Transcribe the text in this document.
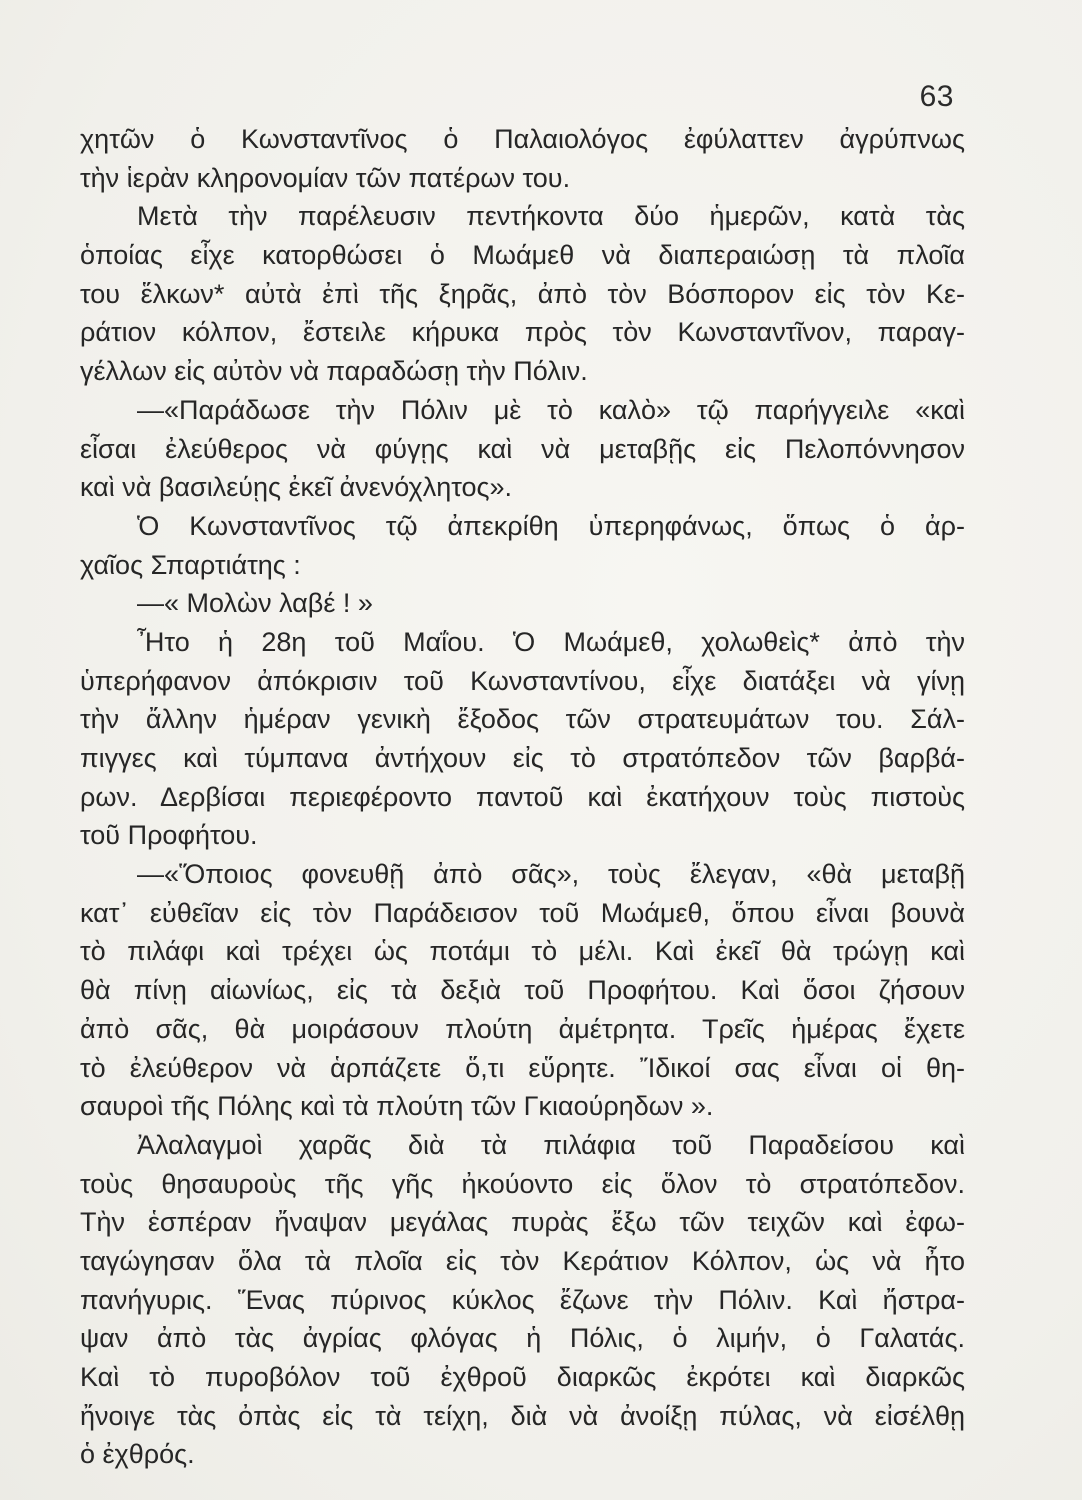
63
χητῶν ὁ Κωνσταντῖνος ὁ Παλαιολόγος ἐφύλαττεν ἀγρύπνως
τὴν ἱερὰν κληρονομίαν τῶν πατέρων του.
Μετὰ τὴν παρέλευσιν πεντήκοντα δύο ἡμερῶν, κατὰ τὰς
ὁποίας εἶχε κατορθώσει ὁ Μωάμεθ νὰ διαπεραιώσῃ τὰ πλοῖα
του ἕλκων* αὐτὰ ἐπὶ τῆς ξηρᾶς, ἀπὸ τὸν Βόσπορον εἰς τὸν Κε-
ράτιον κόλπον, ἔστειλε κήρυκα πρὸς τὸν Κωνσταντῖνον, παραγ-
γέλλων εἰς αὐτὸν νὰ παραδώσῃ τὴν Πόλιν.
—«Παράδωσε τὴν Πόλιν μὲ τὸ καλὸ» τῷ παρήγγειλε «καὶ
εἶσαι ἐλεύθερος νὰ φύγῃς καὶ νὰ μεταβῇς εἰς Πελοπόννησον
καὶ νὰ βασιλεύῃς ἐκεῖ ἀνενόχλητος».
Ὁ Κωνσταντῖνος τῷ ἀπεκρίθη ὑπερηφάνως, ὅπως ὁ ἀρ-
χαῖος Σπαρτιάτης :
—« Μολὼν λαβέ ! »
Ἦτο ἡ 28η τοῦ Μαΐου. Ὁ Μωάμεθ, χολωθεὶς* ἀπὸ τὴν
ὑπερήφανον ἀπόκρισιν τοῦ Κωνσταντίνου, εἶχε διατάξει νὰ γίνῃ
τὴν ἄλλην ἡμέραν γενικὴ ἔξοδος τῶν στρατευμάτων του. Σάλ-
πιγγες καὶ τύμπανα ἀντήχουν εἰς τὸ στρατόπεδον τῶν βαρβά-
ρων. Δερβίσαι περιεφέροντο παντοῦ καὶ ἐκατήχουν τοὺς πιστοὺς
τοῦ Προφήτου.
—«Ὅποιος φονευθῇ ἀπὸ σᾶς», τοὺς ἔλεγαν, «θὰ μεταβῇ
κατ᾽ εὐθεῖαν εἰς τὸν Παράδεισον τοῦ Μωάμεθ, ὅπου εἶναι βουνὰ
τὸ πιλάφι καὶ τρέχει ὡς ποτάμι τὸ μέλι. Καὶ ἐκεῖ θὰ τρώγῃ καὶ
θὰ πίνῃ αἰωνίως, εἰς τὰ δεξιὰ τοῦ Προφήτου. Καὶ ὅσοι ζήσουν
ἀπὸ σᾶς, θὰ μοιράσουν πλούτη ἀμέτρητα. Τρεῖς ἡμέρας ἔχετε
τὸ ἐλεύθερον νὰ ἁρπάζετε ὅ,τι εὕρητε. Ἴδικοί σας εἶναι οἱ θη-
σαυροὶ τῆς Πόλης καὶ τὰ πλούτη τῶν Γκιαούρηδων ».
Ἀλαλαγμοὶ χαρᾶς διὰ τὰ πιλάφια τοῦ Παραδείσου καὶ
τοὺς θησαυροὺς τῆς γῆς ἠκούοντο εἰς ὅλον τὸ στρατόπεδον.
Τὴν ἑσπέραν ἤναψαν μεγάλας πυρὰς ἔξω τῶν τειχῶν καὶ ἐφω-
ταγώγησαν ὅλα τὰ πλοῖα εἰς τὸν Κεράτιον Κόλπον, ὡς νὰ ἦτο
πανήγυρις. Ἕνας πύρινος κύκλος ἔζωνε τὴν Πόλιν. Καὶ ἤστρα-
ψαν ἀπὸ τὰς ἀγρίας φλόγας ἡ Πόλις, ὁ λιμήν, ὁ Γαλατάς.
Καὶ τὸ πυροβόλον τοῦ ἐχθροῦ διαρκῶς ἐκρότει καὶ διαρκῶς
ἤνοιγε τὰς ὀπὰς εἰς τὰ τείχη, διὰ νὰ ἀνοίξῃ πύλας, νὰ εἰσέλθῃ
ὁ ἐχθρός.
